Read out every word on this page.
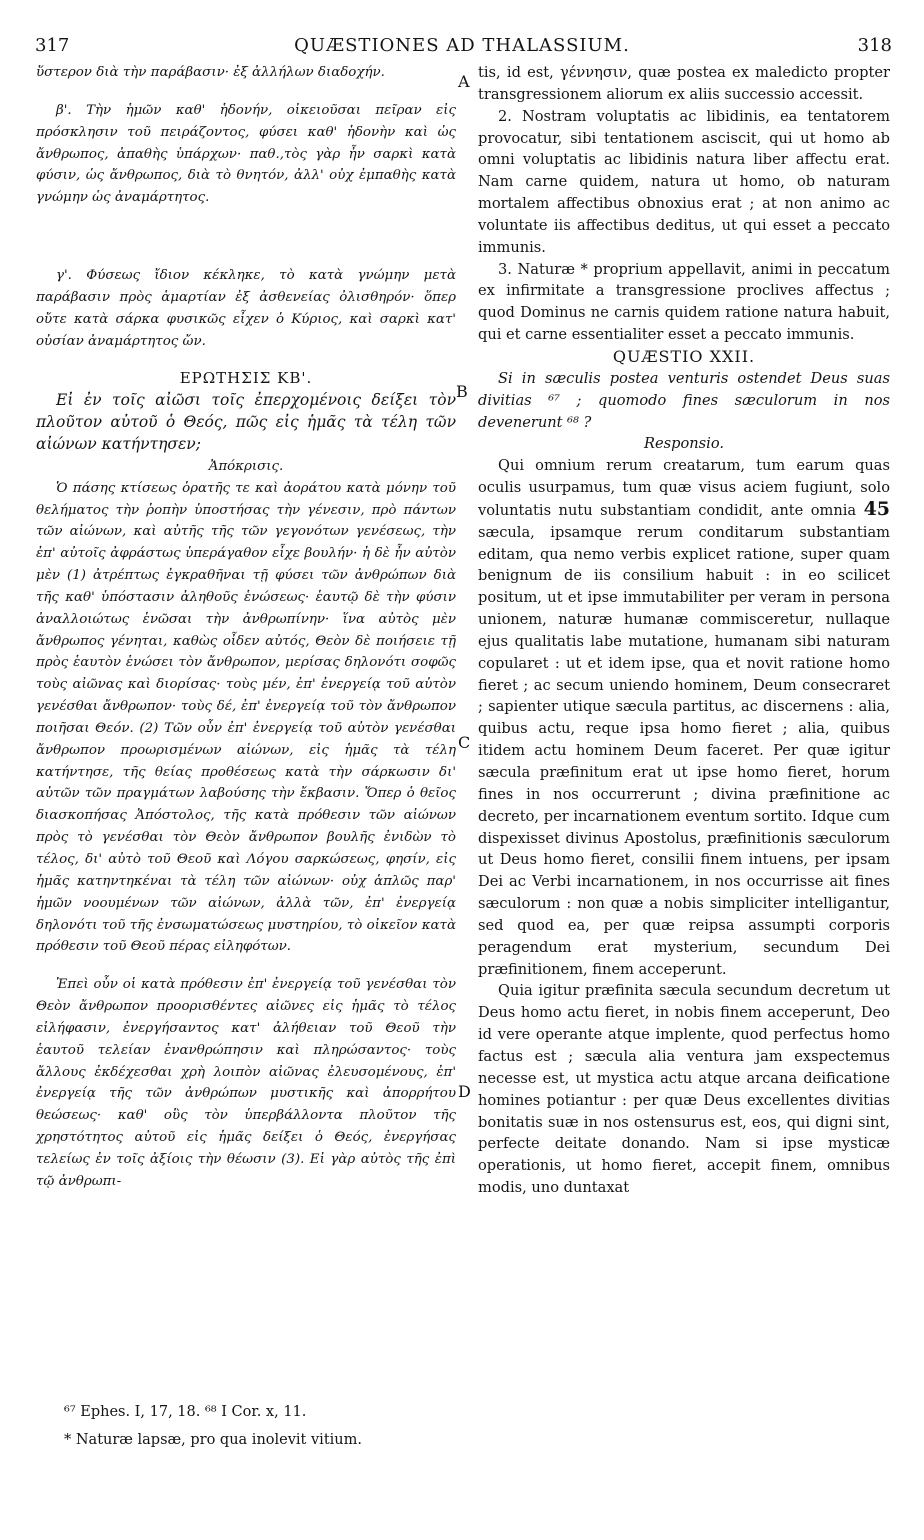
317	QUÆSTIONES AD THALASSIUM.	318
A
B
C
D

ὕστερον διὰ τὴν παράβασιν· ἐξ ἀλλήλων διαδοχήν.

β'. Τὴν ἡμῶν καθ' ἡδονήν, οἰκειοῦσαι πεῖραν εἰς πρόσκλησιν τοῦ πειράζοντος, φύσει καθ' ἡδονὴν καὶ ὡς ἄνθρωπος, ἀπαθὴς ὑπάρχων· παθ.,τὸς γὰρ ἦν σαρκὶ κατὰ φύσιν, ὡς ἄνθρωπος, διὰ τὸ θνητόν, ἀλλ' οὐχ ἐμπαθὴς κατὰ γνώμην ὡς ἀναμάρτητος.

γ'. Φύσεως ἴδιον κέκληκε, τὸ κατὰ γνώμην μετὰ παράβασιν πρὸς ἁμαρτίαν ἐξ ἀσθενείας ὀλισθηρόν· ὅπερ οὔτε κατὰ σάρκα φυσικῶς εἶχεν ὁ Κύριος, καὶ σαρκὶ κατ' οὐσίαν ἀναμάρτητος ὤν.

ΕΡΩΤΗΣΙΣ ΚΒ'.

Εἰ ἐν τοῖς αἰῶσι τοῖς ἐπερχομένοις δείξει τὸν πλοῦτον αὐτοῦ ὁ Θεός, πῶς εἰς ἡμᾶς τὰ τέλη τῶν αἰώνων κατήντησεν;

Ἀπόκρισις.

Ὁ πάσης κτίσεως ὁρατῆς τε καὶ ἀοράτου κατὰ μόνην τοῦ θελήματος τὴν ῥοπὴν ὑποστήσας τὴν γένεσιν, πρὸ πάντων τῶν αἰώνων, καὶ αὐτῆς τῆς τῶν γεγονότων γενέσεως, τὴν ἐπ' αὐτοῖς ἀφράστως ὑπεράγαθον εἶχε βουλήν· ἡ δὲ ἦν αὐτὸν μὲν (1) ἀτρέπτως ἐγκραθῆναι τῇ φύσει τῶν ἀνθρώπων διὰ τῆς καθ' ὑπόστασιν ἀληθοῦς ἑνώσεως· ἑαυτῷ δὲ τὴν φύσιν ἀναλλοιώτως ἑνῶσαι τὴν ἀνθρωπίνην· ἵνα αὐτὸς μὲν ἄνθρωπος γένηται, καθὼς οἶδεν αὐτός, Θεὸν δὲ ποιήσειε τῇ πρὸς ἑαυτὸν ἑνώσει τὸν ἄνθρωπον, μερίσας δηλονότι σοφῶς τοὺς αἰῶνας καὶ διορίσας· τοὺς μέν, ἐπ' ἐνεργείᾳ τοῦ αὐτὸν γενέσθαι ἄνθρωπον· τοὺς δέ, ἐπ' ἐνεργείᾳ τοῦ τὸν ἄνθρωπον ποιῆσαι Θεόν. (2) Τῶν οὖν ἐπ' ἐνεργείᾳ τοῦ αὐτὸν γενέσθαι ἄνθρωπον προωρισμένων αἰώνων, εἰς ἡμᾶς τὰ τέλη κατήντησε, τῆς θείας προθέσεως κατὰ τὴν σάρκωσιν δι' αὐτῶν τῶν πραγμάτων λαβούσης τὴν ἔκβασιν. Ὅπερ ὁ θεῖος διασκοπήσας Ἀπόστολος, τῆς κατὰ πρόθεσιν τῶν αἰώνων πρὸς τὸ γενέσθαι τὸν Θεὸν ἄνθρωπον βουλῆς ἐνιδὼν τὸ τέλος, δι' αὐτὸ τοῦ Θεοῦ καὶ Λόγου σαρκώσεως, φησίν, εἰς ἡμᾶς κατηντηκέναι τὰ τέλη τῶν αἰώνων· οὐχ ἁπλῶς παρ' ἡμῶν νοουμένων τῶν αἰώνων, ἀλλὰ τῶν, ἐπ' ἐνεργείᾳ δηλονότι τοῦ τῆς ἐνσωματώσεως μυστηρίου, τὸ οἰκεῖον κατὰ πρόθεσιν τοῦ Θεοῦ πέρας εἰληφότων.

Ἐπεὶ οὖν οἱ κατὰ πρόθεσιν ἐπ' ἐνεργείᾳ τοῦ γενέσθαι τὸν Θεὸν ἄνθρωπον προορισθέντες αἰῶνες εἰς ἡμᾶς τὸ τέλος εἰλήφασιν, ἐνεργήσαντος κατ' ἀλήθειαν τοῦ Θεοῦ τὴν ἑαυτοῦ τελείαν ἐνανθρώπησιν καὶ πληρώσαντος· τοὺς ἄλλους ἐκδέχεσθαι χρὴ λοιπὸν αἰῶνας ἐλευσομένους, ἐπ' ἐνεργείᾳ τῆς τῶν ἀνθρώπων μυστικῆς καὶ ἀπορρήτου θεώσεως· καθ' οὓς τὸν ὑπερβάλλοντα πλοῦτον τῆς χρηστότητος αὐτοῦ εἰς ἡμᾶς δείξει ὁ Θεός, ἐνεργήσας τελείως ἐν τοῖς ἀξίοις τὴν θέωσιν (3). Εἰ γὰρ αὐτὸς τῆς ἐπὶ τῷ ἀνθρωπι-

tis, id est, γέννησιν, quæ postea ex maledicto propter transgressionem aliorum ex aliis successio accessit.

2. Nostram voluptatis ac libidinis, ea tentatorem provocatur, sibi tentationem asciscit, qui ut homo ab omni voluptatis ac libidinis natura liber affectu erat. Nam carne quidem, natura ut homo, ob naturam mortalem affectibus obnoxius erat ; at non animo ac voluntate iis affectibus deditus, ut qui esset a peccato immunis.

3. Naturæ * proprium appellavit, animi in peccatum ex infirmitate a transgressione proclives affectus ; quod Dominus ne carnis quidem ratione natura habuit, qui et carne essentialiter esset a peccato immunis.

QUÆSTIO XXII.

Si in sæculis postea venturis ostendet Deus suas divitias ⁶⁷ ; quomodo fines sæculorum in nos devenerunt ⁶⁸ ?

Responsio.

Qui omnium rerum creatarum, tum earum quas oculis usurpamus, tum quæ visus aciem fugiunt, solo voluntatis nutu substantiam condidit, ante omnia 45 sæcula, ipsamque rerum conditarum substantiam editam, qua nemo verbis explicet ratione, super quam benignum de iis consilium habuit : in eo scilicet positum, ut et ipse immutabiliter per veram in persona unionem, naturæ humanæ commisceretur, nullaque ejus qualitatis labe mutatione, humanam sibi naturam copularet : ut et idem ipse, qua et novit ratione homo fieret ; ac secum uniendo hominem, Deum consecraret ; sapienter utique sæcula partitus, ac discernens : alia, quibus actu, reque ipsa homo fieret ; alia, quibus itidem actu hominem Deum faceret. Per quæ igitur sæcula præfinitum erat ut ipse homo fieret, horum fines in nos occurrerunt ; divina præfinitione ac decreto, per incarnationem eventum sortito. Idque cum dispexisset divinus Apostolus, præfinitionis sæculorum ut Deus homo fieret, consilii finem intuens, per ipsam Dei ac Verbi incarnationem, in nos occurrisse ait fines sæculorum : non quæ a nobis simpliciter intelligantur, sed quod ea, per quæ reipsa assumpti corporis peragendum erat mysterium, secundum Dei præfinitionem, finem acceperunt.

Quia igitur præfinita sæcula secundum decretum ut Deus homo actu fieret, in nobis finem acceperunt, Deo id vere operante atque implente, quod perfectus homo factus est ; sæcula alia ventura jam exspectemus necesse est, ut mystica actu atque arcana deificatione homines potiantur : per quæ Deus excellentes divitias bonitatis suæ in nos ostensurus est, eos, qui digni sint, perfecte deitate donando. Nam si ipse mysticæ operationis, ut homo fieret, accepit finem, omnibus modis, uno duntaxat

⁶⁷ Ephes. I, 17, 18. ⁶⁸ I Cor. x, 11.

* Naturæ lapsæ, pro qua inolevit vitium.
